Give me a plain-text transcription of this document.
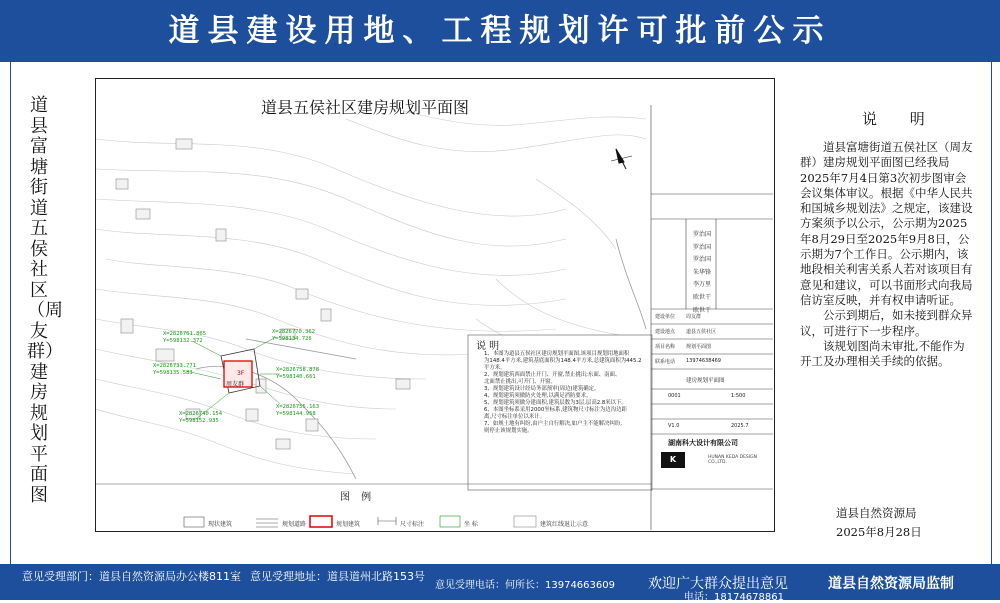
道县建设用地、工程规划许可批前公示
道县富塘街道五侯社区（周友群）建房规划平面图
道县五侯社区建房规划平面图
3F
周友群
X=2826761.865
Y=598132.372
X=2826733.771
Y=598135.583
X=2826740.154
Y=598152.935
X=2826770.362
Y=598134.726
X=2826758.878
Y=598140.661
X=2826755.163
Y=598144.958
说 明
1、本图为道县五侯社区建房规划平面图,该项目规划用地面积
为148.4平方米,建筑基底面积为148.4平方米,总建筑面积为445.2
平方米。
2、规划建筑西面禁止开门、开窗,禁止挑出;东面、南面、
北面禁止挑出,可开门、开窗。
3、规划建筑设计经局务部预审(周边)建筑确定。
4、规划建筑须做防火处理,以满足消防要求。
5、规划建筑须做分建面积,建筑层数为3层,层高2.8米以下。
6、本图坐标系采用2000坐标系,建筑物尺寸标注为边沟边距
离,尺寸标注单位以米计。
7、如规土地有纠纷,由户主自行解决,如户主不能解决纠纷,
则停止该规划实施。
图 例
现状建筑	规划道路	规划建筑	尺寸标注	坐 标	建筑红线退让示意
罗治国
罗治国
罗治国
朱华锋
李万里
欧世干
欧世干
建设单位 周友群
建设地点 道县五侯社区
项目名称 规划平面图
联系电话 13974638469
建房规划平面图
0001	1:500
V1.0	2025.7
湖南科大设计有限公司
K	HUNAN KEDA DESIGN CO.,LTD.
说 明

道县富塘街道五侯社区（周友群）建房规划平面图已经我局2025年7月4日第3次初步图审会会议集体审议。根据《中华人民共和国城乡规划法》之规定，该建设方案须予以公示，公示期为2025年8月29日至2025年9月8日，公示期为7个工作日。公示期内，该地段相关利害关系人若对该项目有意见和建议，可以书面形式向我局信访室反映，并有权申请听证。

公示到期后，如未接到群众异议，可进行下一步程序。

该规划图尚未审批,不能作为开工及办理相关手续的依据。

道县自然资源局
2025年8月28日
意见受理部门：道县自然资源局办公楼811室 意见受理地址：道县道州北路153号
意见受理电话：何所长：13974663609 欢迎广大群众提出意见
电话：18174678861
道县自然资源局监制
